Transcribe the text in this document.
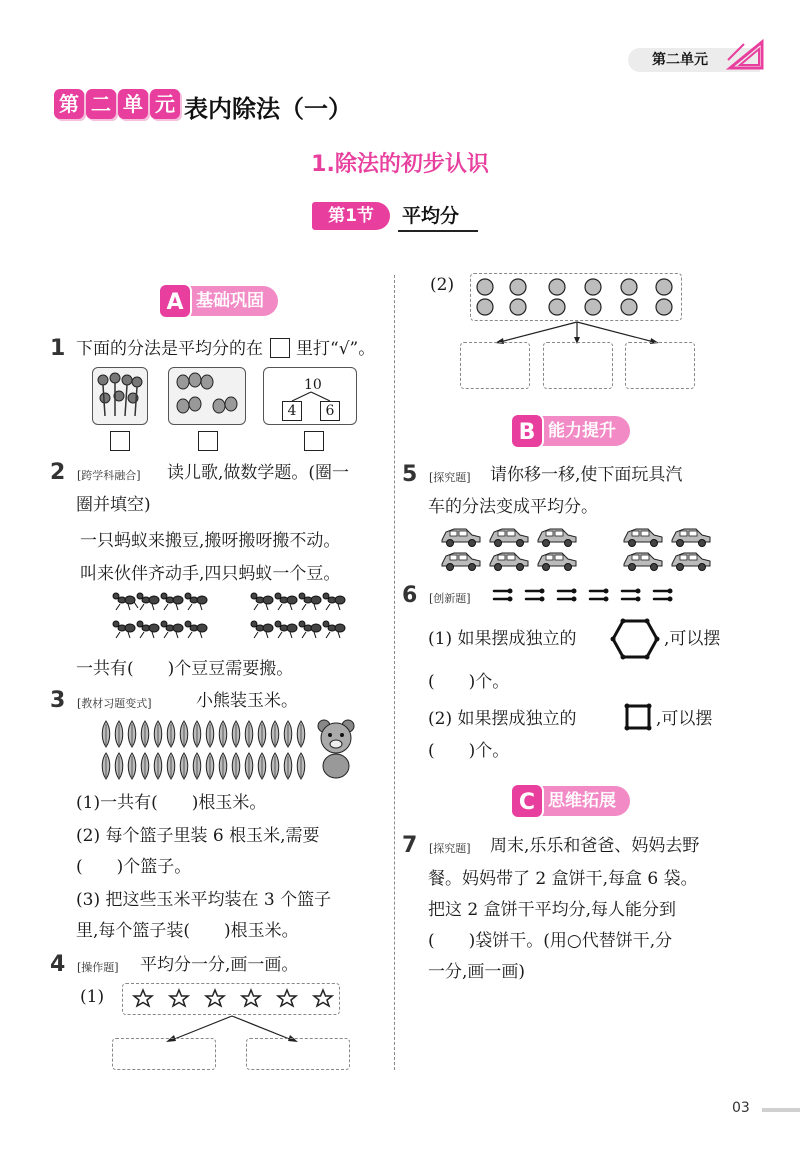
第二单元
第 二 单 元 表内除法（一）
1.除法的初步认识
第1节	平均分
A 基础巩固
1 下面的分法是平均分的在 里打“√”。
10
4	6
2 [跨学科融合] 读儿歌,做数学题。(圈一
圈并填空)
一只蚂蚁来搬豆,搬呀搬呀搬不动。
叫来伙伴齐动手,四只蚂蚁一个豆。
一共有(　　)个豆豆需要搬。
3 [教材习题变式]	小熊装玉米。
(1)一共有(　　)根玉米。
(2) 每个篮子里装 6 根玉米,需要
(　　)个篮子。
(3) 把这些玉米平均装在 3 个篮子
里,每个篮子装(　　)根玉米。
4 [操作题] 平均分一分,画一画。
(1)
(2)
B 能力提升
5 [探究题] 请你移一移,使下面玩具汽
车的分法变成平均分。
6 [创新题]
(1) 如果摆成独立的	,可以摆
(　　)个。
(2) 如果摆成独立的	,可以摆
(　　)个。
C 思维拓展
7 [探究题] 周末,乐乐和爸爸、妈妈去野
餐。妈妈带了 2 盒饼干,每盒 6 袋。
把这 2 盒饼干平均分,每人能分到
(　　)袋饼干。(用○代替饼干,分
一分,画一画)
03
